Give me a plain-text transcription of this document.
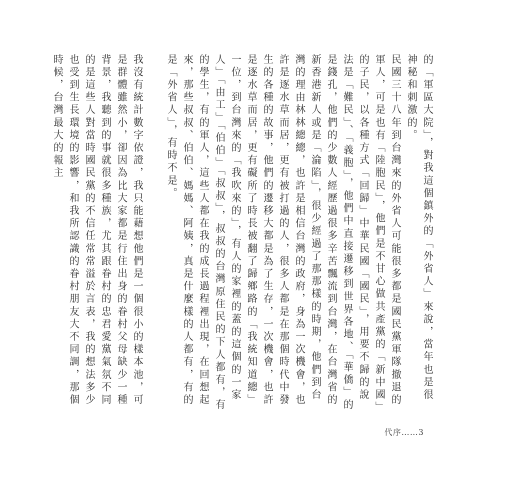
的「軍區大院」，對我這個鎮外的「外省人」來說，當年也是很神秘和刺激的。

民國三十八年到台灣來的外省人可能很多都是國民黨軍隊撤退的軍人，可是也有「陸胞民」，他們是不甘心做共產黨的「新中國」的子民，以各種方式「回歸」中華民國「國民」，用要不歸的說法是「難民」、「義胞」，他們中直接遷移到世界各地、「華僑」的是錢孔，他們的少數人經歷過很多辛苦飄流到台灣，在台灣省的新香港新人或是「淪陷」，很少經過了那那樣的時期，他們到台灣的理由林林總總，也許是相信台灣的政府，身為一次機會，也許是逐水草而居，更有被打過的人，很多人都是在那個時代中發生的各種的故事，他們的遷移大都是為了生存，一次機會，也許是逐水草而居，更有礙所了時長被翻了歸鄉路的「我統知道總」一位，到台灣來的「我吹來的」，有人的家裡的蓋的這個的一家人」「由工」「伯伯」「叔叔」，叔叔的台灣原住民的下人都有，有的學生，有的軍人，這些人都在我的成長過程裡出現，在回想起來，那些叔叔、伯伯、媽媽、阿姨，真是什麼樣的人都有，有的是「外省人」，有時不是。

我沒有統計數字依證，我只能藉想他們是一個很小的樣本池，可是群體雖然小，卻因為比大家都是行住出身的眷村父母缺少一種背景，我聽到的事就很多種族，尤其跟眷村的忠君愛黨氣氛不同的是這些人對當時國民黨的不信任常常溢於言表，我的想法多少也受到生長環境的影響，和我所認識的眷村朋友大不同調，那個時候，台灣最大的報主

代序……3
